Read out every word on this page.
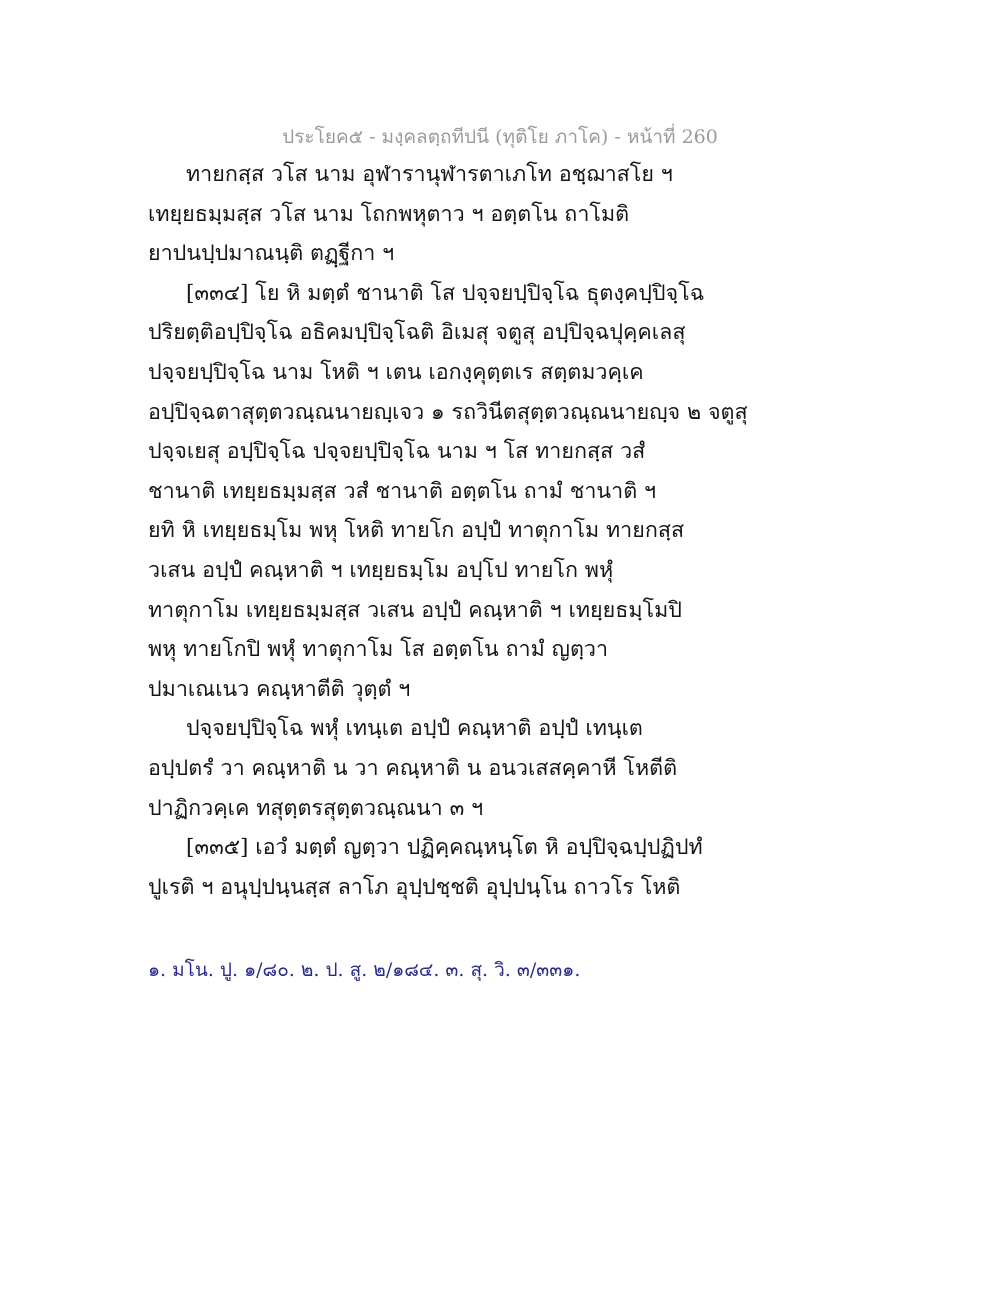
ประโยค๕ - มงฺคลตฺถทีปนี (ทุติโย ภาโค) - หน้าที่ 260
ทายกสฺส วโส นาม อุฬารานุฬารตาเภโท อชฺฌาสโย ฯ
เทยฺยธมฺมสฺส วโส นาม โถกพหุตาว ฯ อตฺตโน ถาโมติ
ยาปนปฺปมาณนฺติ ตฏฺฐีกา ฯ
[๓๓๔] โย หิ มตฺตํ ชานาติ โส ปจฺจยปฺปิจฺโฉ ธุตงฺคปฺปิจฺโฉ
ปริยตฺติอปฺปิจฺโฉ อธิคมปฺปิจฺโฉติ อิเมสุ จตูสุ อปฺปิจฺฉปุคฺคเลสุ
ปจฺจยปฺปิจฺโฉ นาม โหติ ฯ เตน เอกงฺคุตฺตเร สตฺตมวคฺเค
อปฺปิจฺฉตาสุตฺตวณฺณนายญฺเจว ๑ รถวินีตสุตฺตวณฺณนายญฺจ ๒ จตูสุ
ปจฺจเยสุ อปฺปิจฺโฉ ปจฺจยปฺปิจฺโฉ นาม ฯ โส ทายกสฺส วสํ
ชานาติ เทยฺยธมฺมสฺส วสํ ชานาติ อตฺตโน ถามํ ชานาติ ฯ
ยทิ หิ เทยฺยธมฺโม พหุ โหติ ทายโก อปฺปํ ทาตุกาโม ทายกสฺส
วเสน อปฺปํ คณฺหาติ ฯ เทยฺยธมฺโม อปฺโป ทายโก พหุํ
ทาตุกาโม เทยฺยธมฺมสฺส วเสน อปฺปํ คณฺหาติ ฯ เทยฺยธมฺโมปิ
พหุ ทายโกปิ พหุํ ทาตุกาโม โส อตฺตโน ถามํ ญตฺวา
ปมาเณเนว คณฺหาตีติ วุตฺตํ ฯ
ปจฺจยปฺปิจฺโฉ พหุํ เทนฺเต อปฺปํ คณฺหาติ อปฺปํ เทนฺเต
อปฺปตรํ วา คณฺหาติ น วา คณฺหาติ น อนวเสสคฺคาหี โหตีติ
ปาฏิกวคฺเค ทสุตฺตรสุตฺตวณฺณนา ๓ ฯ
[๓๓๕] เอวํ มตฺตํ ญตฺวา ปฏิคฺคณฺหนฺโต หิ อปฺปิจฺฉปฺปฏิปทํ
ปูเรติ ฯ อนุปฺปนฺนสฺส ลาโภ อุปฺปชฺชติ อุปฺปนฺโน ถาวโร โหติ
๑. มโน. ปู. ๑/๘๐. ๒. ป. สู. ๒/๑๘๔. ๓. สุ. วิ. ๓/๓๓๑.
